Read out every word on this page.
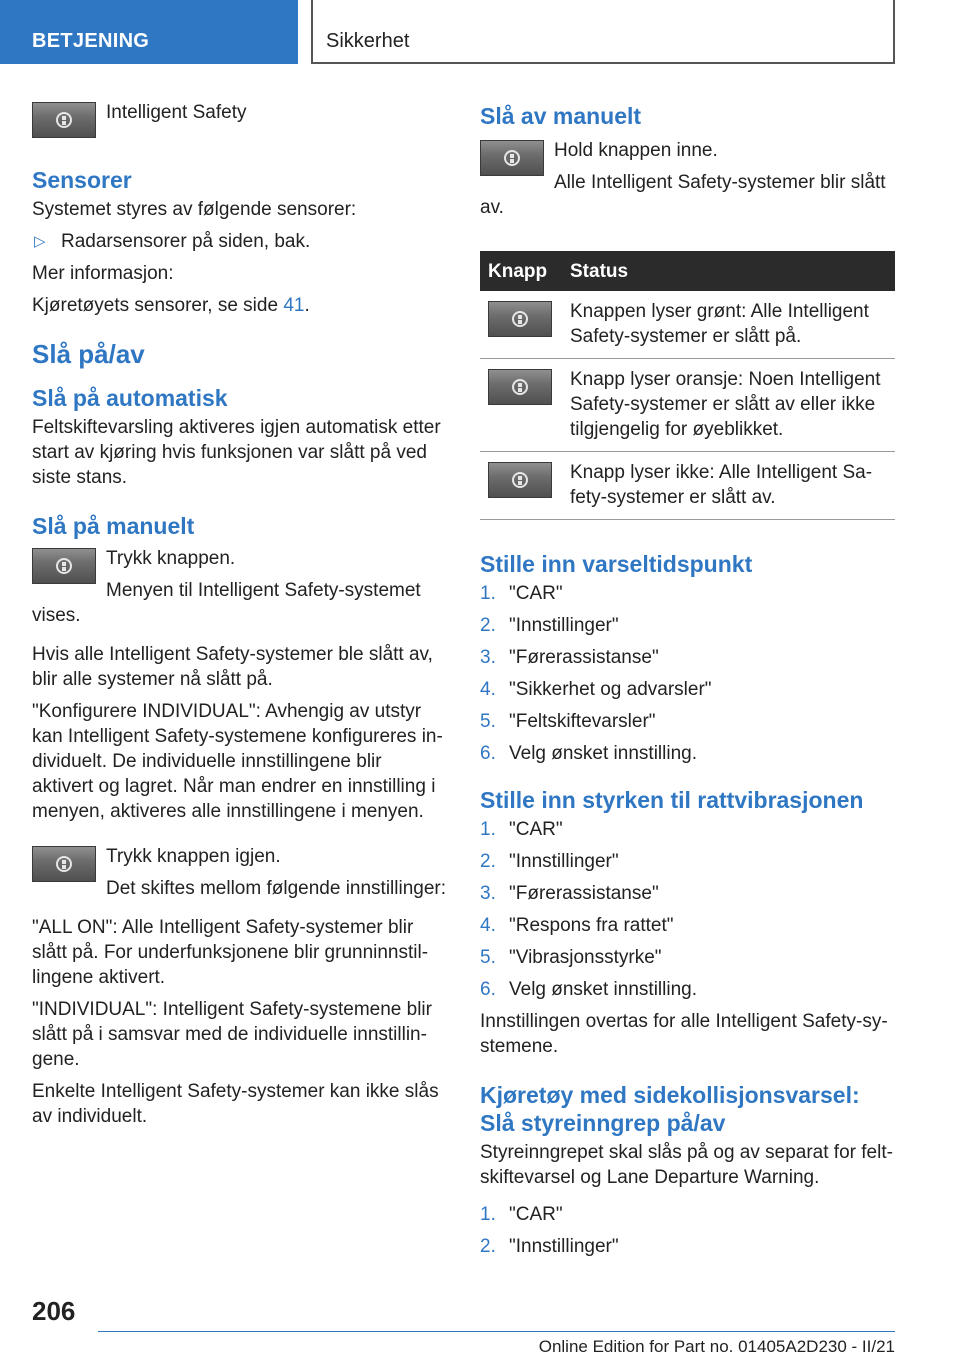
BETJENING	Sikkerhet
Intelligent Safety
Sensorer

Systemet styres av følgende sensorer:

▷ Radarsensorer på siden, bak.

Mer informasjon:

Kjøretøyets sensorer, se side 41.

Slå på/av
Slå på automatisk

Feltskiftevarsling aktiveres igjen automatisk etter start av kjøring hvis funksjonen var slått på ved siste stans.

Slå på manuelt

Trykk knappen.

Menyen til Intelligent Safety-systemet vises.

Hvis alle Intelligent Safety-systemer ble slått av, blir alle systemer nå slått på.

"Konfigurere INDIVIDUAL": Avhengig av utstyr kan Intelligent Safety-systemene konfigureres individuelt. De individuelle innstillingene blir aktivert og lagret. Når man endrer en innstilling i menyen, aktiveres alle innstillingene i menyen.

Trykk knappen igjen.

Det skiftes mellom følgende innstillinger:

"ALL ON": Alle Intelligent Safety-systemer blir slått på. For underfunksjonene blir grunninnstillingene aktivert.

"INDIVIDUAL": Intelligent Safety-systemene blir slått på i samsvar med de individuelle innstillingene.

Enkelte Intelligent Safety-systemer kan ikke slås av individuelt.

Slå av manuelt

Hold knappen inne.

Alle Intelligent Safety-systemer blir slått av.

Knapp	Status

	Knappen lyser grønt: Alle Intelligent Safety-systemer er slått på.

	Knapp lyser oransje: Noen Intelligent Safety-systemer er slått av eller ikke tilgjengelig for øyeblikket.

	Knapp lyser ikke: Alle Intelligent Safety-systemer er slått av.
Stille inn varseltidspunkt
1. "CAR"
2. "Innstillinger"
3. "Førerassistanse"
4. "Sikkerhet og advarsler"
5. "Feltskiftevarsler"
6. Velg ønsket innstilling.
Stille inn styrken til rattvibrasjonen
1. "CAR"
2. "Innstillinger"
3. "Førerassistanse"
4. "Respons fra rattet"
5. "Vibrasjonsstyrke"
6. Velg ønsket innstilling.

Innstillingen overtas for alle Intelligent Safety-systemene.

Kjøretøy med sidekollisjonsvarsel:
Slå styreinngrep på/av

Styreinngrepet skal slås på og av separat for feltskiftevarsel og Lane Departure Warning.

1. "CAR"
2. "Innstillinger"
206
Online Edition for Part no. 01405A2D230 - II/21
